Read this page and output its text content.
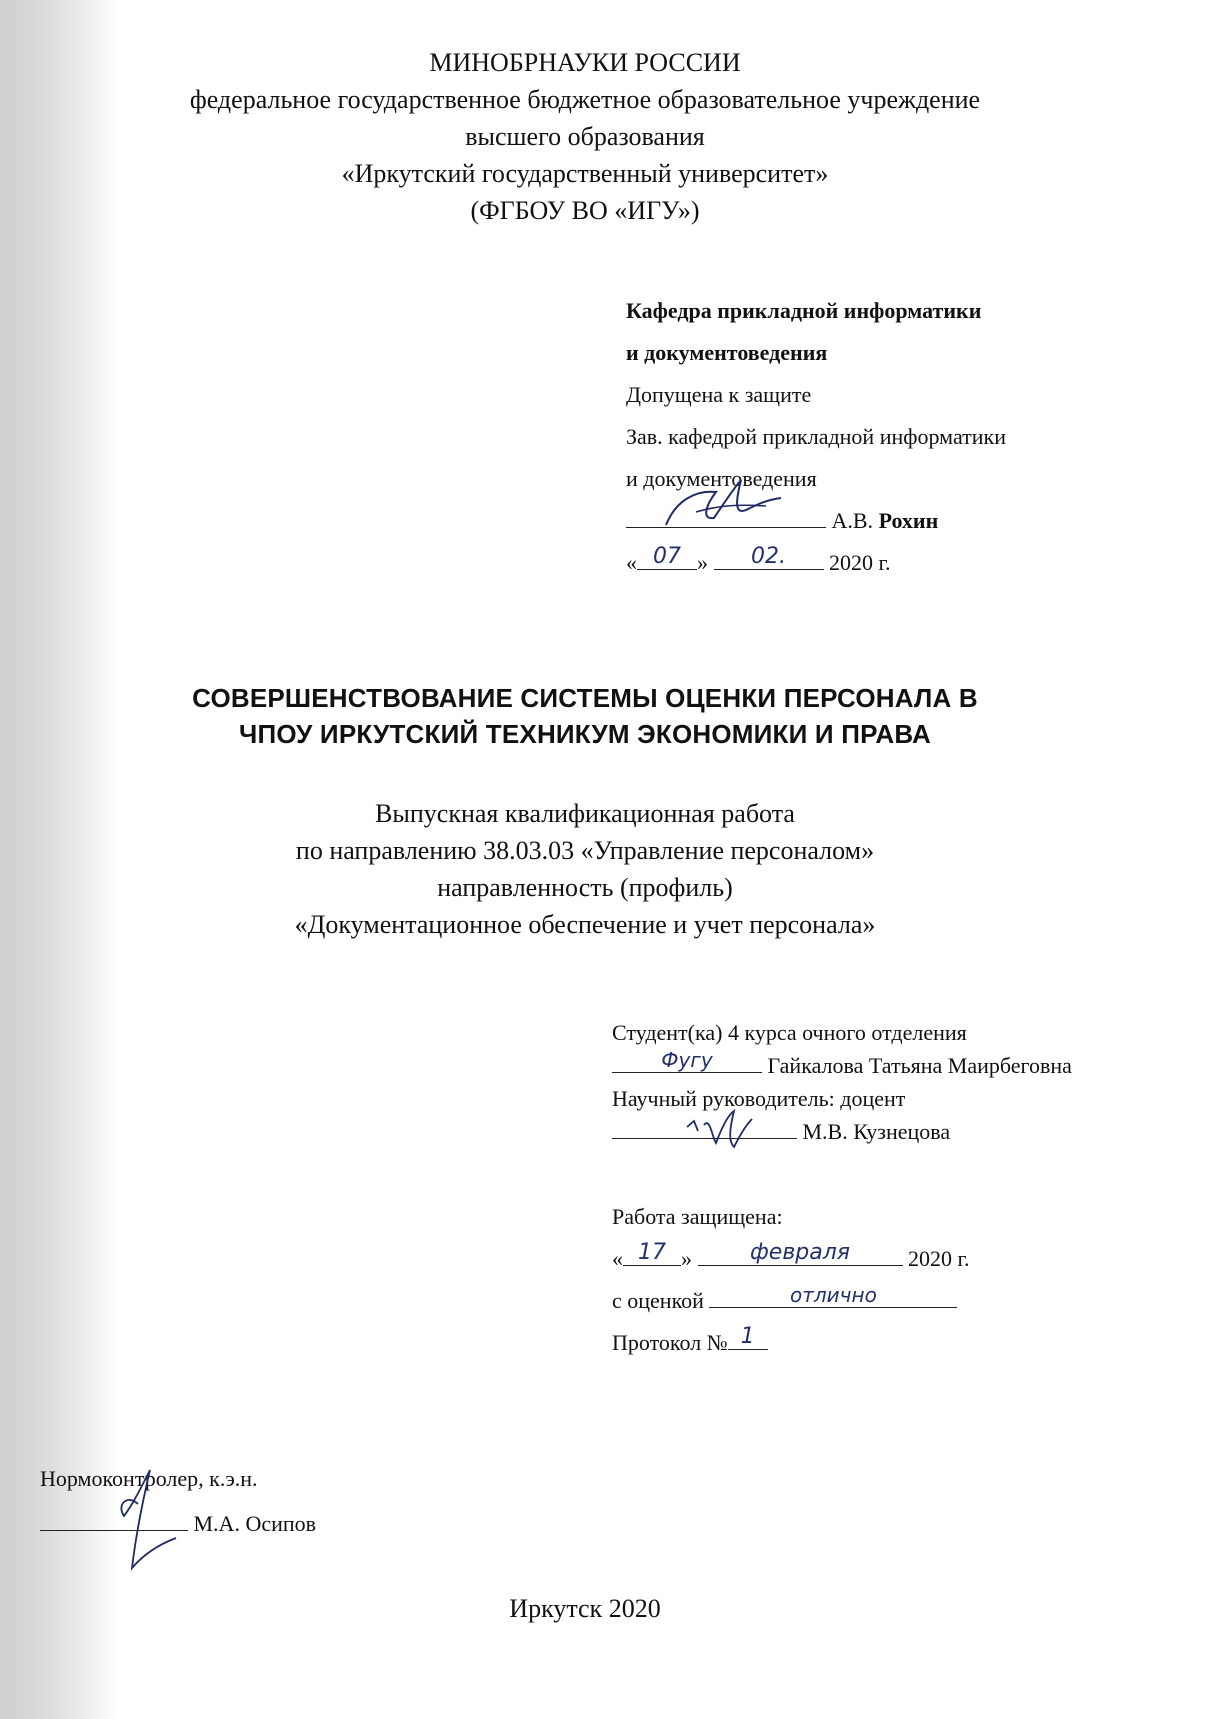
МИНОБРНАУКИ РОССИИ
федеральное государственное бюджетное образовательное учреждение
высшего образования
«Иркутский государственный университет»
(ФГБОУ ВО «ИГУ»)
Кафедра прикладной информатики
и документоведения
Допущена к защите
Зав. кафедрой прикладной информатики
и документоведения
А.В. Рохин
« 07 »	02.	2020 г.
СОВЕРШЕНСТВОВАНИЕ СИСТЕМЫ ОЦЕНКИ ПЕРСОНАЛА В
ЧПОУ ИРКУТСКИЙ ТЕХНИКУМ ЭКОНОМИКИ И ПРАВА
Выпускная квалификационная работа
по направлению 38.03.03 «Управление персоналом»
направленность (профиль)
«Документационное обеспечение и учет персонала»
Студент(ка) 4 курса очного отделения
Фугу	Гайкалова Татьяна Маирбеговна
Научный руководитель: доцент
М.В. Кузнецова
Работа защищена:
« 17 »	февраля	2020 г.
с оценкой	отлично
Протокол № 1
Нормоконтролер, к.э.н.
М.А. Осипов
Иркутск 2020
